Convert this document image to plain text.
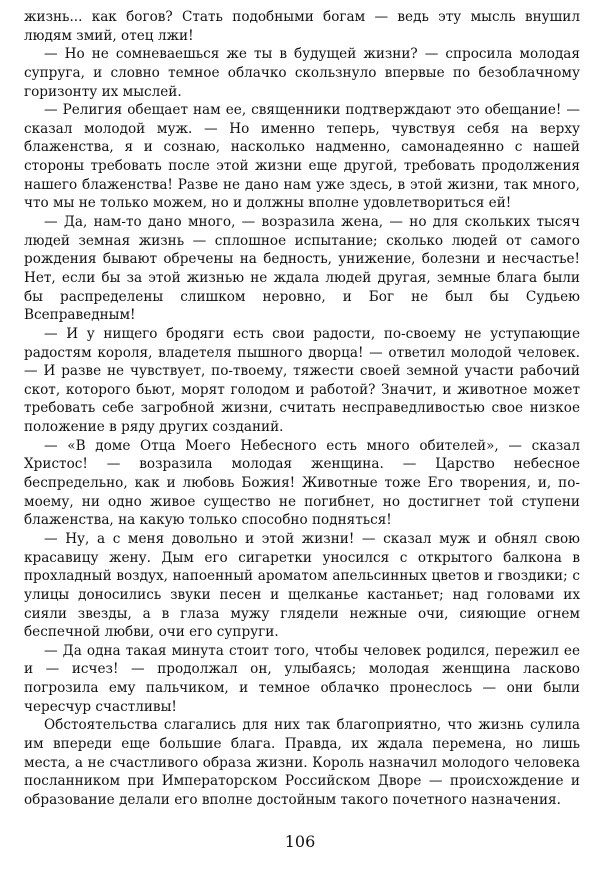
жизнь... как богов? Стать подобными богам — ведь эту мысль внушил людям змий, отец лжи!

— Но не сомневаешься же ты в будущей жизни? — спросила молодая супруга, и словно темное облачко скользнуло впервые по безоблачному горизонту их мыслей.

— Религия обещает нам ее, священники подтверждают это обещание! — сказал молодой муж. — Но именно теперь, чувствуя себя на верху блаженства, я и сознаю, насколько надменно, самонадеянно с нашей стороны требовать после этой жизни еще другой, требовать продолжения нашего блаженства! Разве не дано нам уже здесь, в этой жизни, так много, что мы не только можем, но и должны вполне удовлетвориться ей!

— Да, нам-то дано много, — возразила жена, — но для скольких тысяч людей земная жизнь — сплошное испытание; сколько людей от самого рождения бывают обречены на бедность, унижение, болезни и несчастье! Нет, если бы за этой жизнью не ждала людей другая, земные блага были бы распределены слишком неровно, и Бог не был бы Судьею Всеправедным!

— И у нищего бродяги есть свои радости, по-своему не уступающие радостям короля, владетеля пышного дворца! — ответил молодой человек. — И разве не чувствует, по-твоему, тяжести своей земной участи рабочий скот, которого бьют, морят голодом и работой? Значит, и животное может требовать себе загробной жизни, считать несправедливостью свое низкое положение в ряду других созданий.

— «В доме Отца Моего Небесного есть много обителей», — сказал Христос! — возразила молодая женщина. — Царство небесное беспредельно, как и любовь Божия! Животные тоже Его творения, и, по-моему, ни одно живое существо не погибнет, но достигнет той ступени блаженства, на какую только способно подняться!

— Ну, а с меня довольно и этой жизни! — сказал муж и обнял свою красавицу жену. Дым его сигаретки уносился с открытого балкона в прохладный воздух, напоенный ароматом апельсинных цветов и гвоздики; с улицы доносились звуки песен и щелканье кастаньет; над головами их сияли звезды, а в глаза мужу глядели нежные очи, сияющие огнем беспечной любви, очи его супруги.

— Да одна такая минута стоит того, чтобы человек родился, пережил ее и — исчез! — продолжал он, улыбаясь; молодая женщина ласково погрозила ему пальчиком, и темное облачко пронеслось — они были чересчур счастливы!

Обстоятельства слагались для них так благоприятно, что жизнь сулила им впереди еще большие блага. Правда, их ждала перемена, но лишь места, а не счастливого образа жизни. Король назначил молодого человека посланником при Императорском Российском Дворе — происхождение и образование делали его вполне достойным такого почетного назначения.

106
